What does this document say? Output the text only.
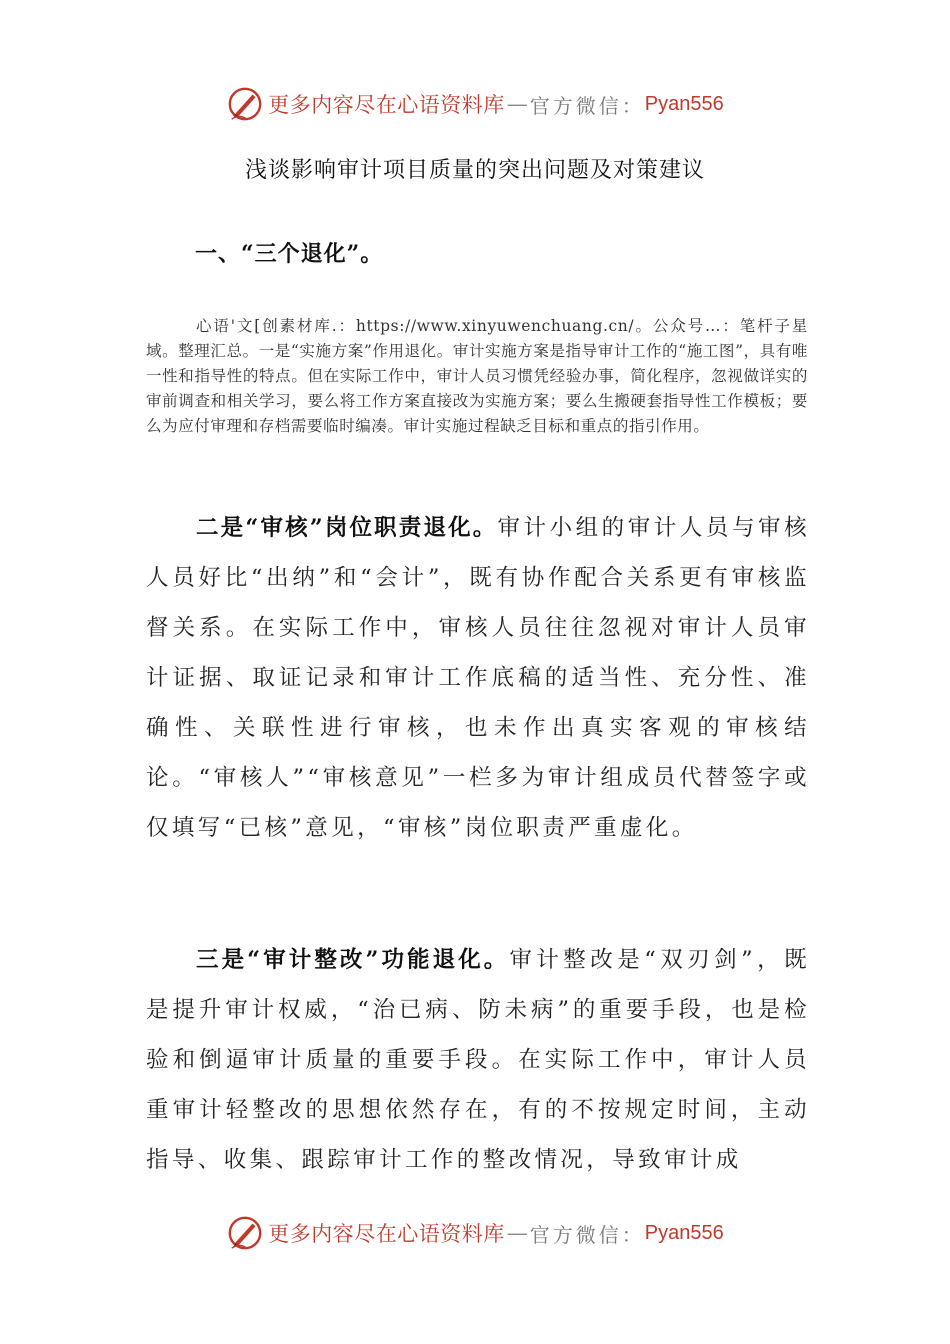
更多内容尽在心语资料库 — 官方微信： Pyan556
浅谈影响审计项目质量的突出问题及对策建议
一、“三个退化”。

心语'文[创素材库.：https://www.xinyuwenchuang.cn/。公众号…：笔杆子星域。整理汇总。一是“实施方案”作用退化。审计实施方案是指导审计工作的“施工图”，具有唯一性和指导性的特点。但在实际工作中，审计人员习惯凭经验办事，简化程序，忽视做详实的审前调查和相关学习，要么将工作方案直接改为实施方案；要么生搬硬套指导性工作模板；要么为应付审理和存档需要临时编凑。审计实施过程缺乏目标和重点的指引作用。

二是“审核”岗位职责退化。审计小组的审计人员与审核人员好比“出纳”和“会计”，既有协作配合关系更有审核监督关系。在实际工作中，审核人员往往忽视对审计人员审计证据、取证记录和审计工作底稿的适当性、充分性、准确性、关联性进行审核，也未作出真实客观的审核结论。“审核人”“审核意见”一栏多为审计组成员代替签字或仅填写“已核”意见，“审核”岗位职责严重虚化。

三是“审计整改”功能退化。审计整改是“双刃剑”，既是提升审计权威，“治已病、防未病”的重要手段，也是检验和倒逼审计质量的重要手段。在实际工作中，审计人员重审计轻整改的思想依然存在，有的不按规定时间，主动指导、收集、跟踪审计工作的整改情况，导致审计成

更多内容尽在心语资料库 — 官方微信： Pyan556
